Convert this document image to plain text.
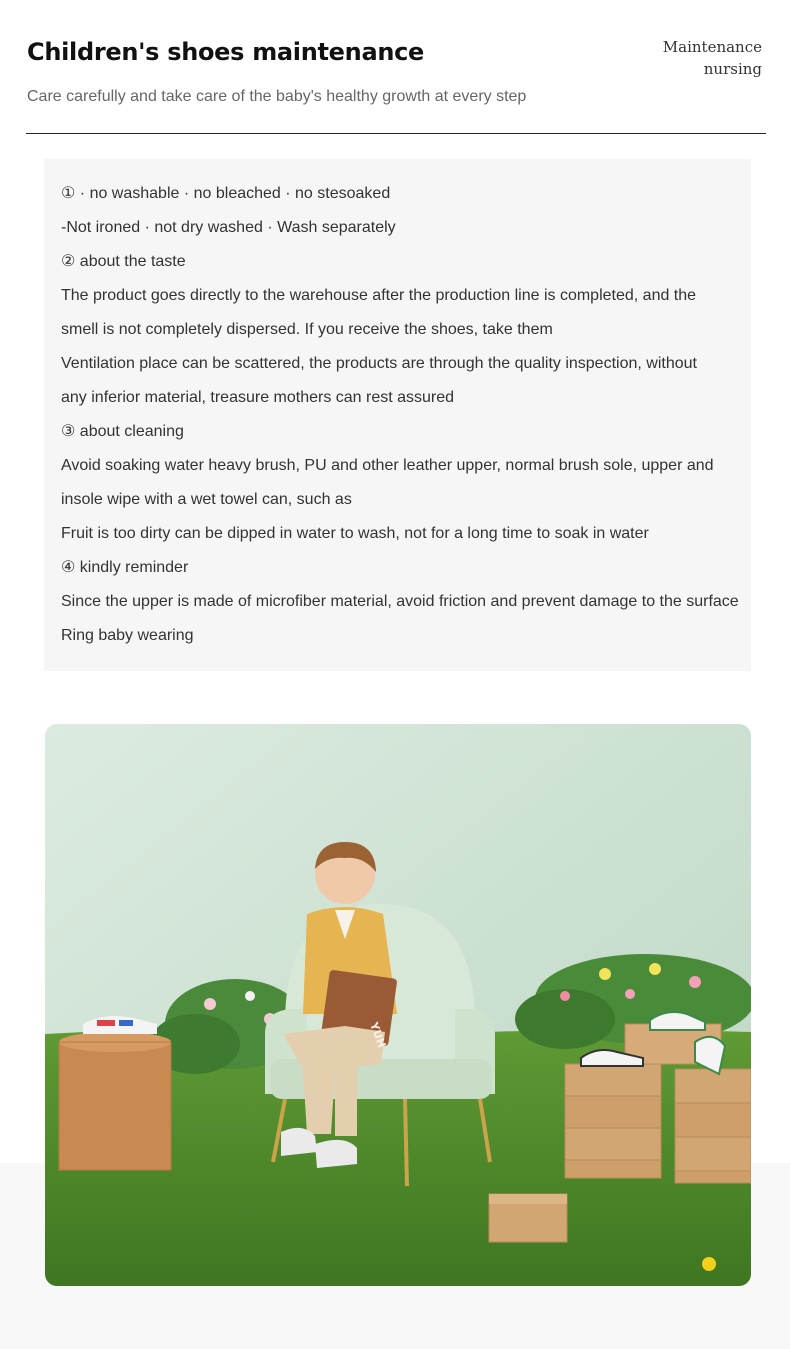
Children's shoes maintenance	Maintenance
nursing
Care carefully and take care of the baby's healthy growth at every step
① · no washable · no bleached · no stesoaked
-Not ironed · not dry washed · Wash separately
② about the taste
The product goes directly to the warehouse after the production line is completed, and the
smell is not completely dispersed. If you receive the shoes, take them
Ventilation place can be scattered, the products are through the quality inspection, without
any inferior material, treasure mothers can rest assured
③ about cleaning
Avoid soaking water heavy brush, PU and other leather upper, normal brush sole, upper and
insole wipe with a wet towel can, such as
Fruit is too dirty can be dipped in water to wash, not for a long time to soak in water
④ kindly reminder
Since the upper is made of microfiber material, avoid friction and prevent damage to the surface
Ring baby wearing
YUH
